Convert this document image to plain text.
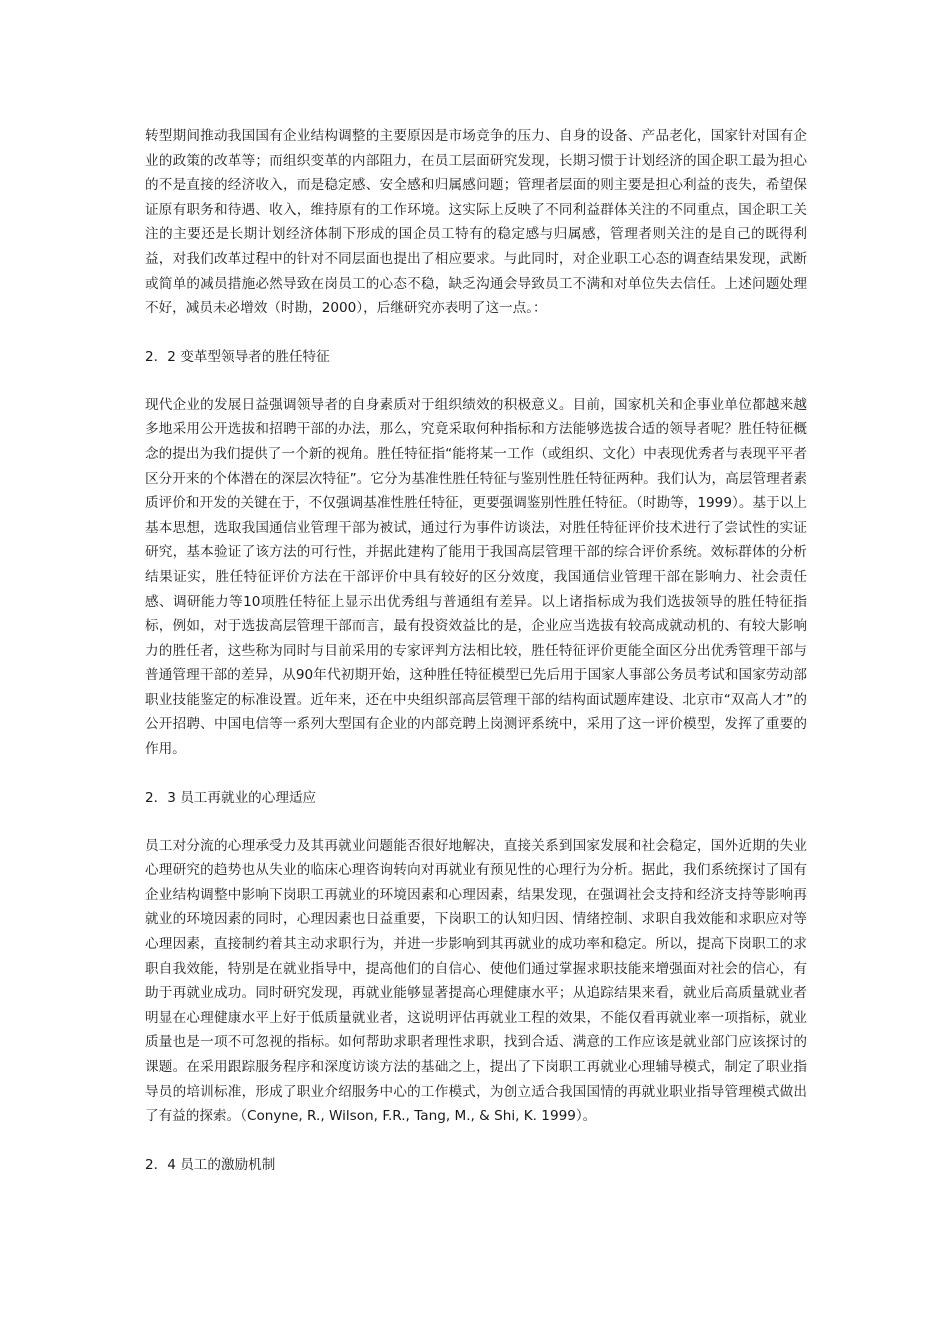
转型期间推动我国国有企业结构调整的主要原因是市场竞争的压力、自身的设备、产品老化，国家针对国有企业的政策的改革等；而组织变革的内部阻力，在员工层面研究发现，长期习惯于计划经济的国企职工最为担心的不是直接的经济收入，而是稳定感、安全感和归属感问题；管理者层面的则主要是担心利益的丧失，希望保证原有职务和待遇、收入，维持原有的工作环境。这实际上反映了不同利益群体关注的不同重点，国企职工关注的主要还是长期计划经济体制下形成的国企员工特有的稳定感与归属感，管理者则关注的是自己的既得利益，对我们改革过程中的针对不同层面也提出了相应要求。与此同时，对企业职工心态的调查结果发现，武断或简单的减员措施必然导致在岗员工的心态不稳，缺乏沟通会导致员工不满和对单位失去信任。上述问题处理不好，减员未必增效（时勘，2000），后继研究亦表明了这一点。：

2．2 变革型领导者的胜任特征

现代企业的发展日益强调领导者的自身素质对于组织绩效的积极意义。目前，国家机关和企事业单位都越来越多地采用公开选拔和招聘干部的办法，那么，究竟采取何种指标和方法能够选拔合适的领导者呢？胜任特征概念的提出为我们提供了一个新的视角。胜任特征指“能将某一工作（或组织、文化）中表现优秀者与表现平平者区分开来的个体潜在的深层次特征”。它分为基准性胜任特征与鉴别性胜任特征两种。我们认为，高层管理者素质评价和开发的关键在于，不仅强调基准性胜任特征，更要强调鉴别性胜任特征。（时勘等，1999）。基于以上基本思想，选取我国通信业管理干部为被试，通过行为事件访谈法，对胜任特征评价技术进行了尝试性的实证研究，基本验证了该方法的可行性，并据此建构了能用于我国高层管理干部的综合评价系统。效标群体的分析结果证实，胜任特征评价方法在干部评价中具有较好的区分效度，我国通信业管理干部在影响力、社会责任感、调研能力等10项胜任特征上显示出优秀组与普通组有差异。以上诸指标成为我们选拔领导的胜任特征指标，例如，对于选拔高层管理干部而言，最有投资效益比的是，企业应当选拔有较高成就动机的、有较大影响力的胜任者，这些称为同时与目前采用的专家评判方法相比较，胜任特征评价更能全面区分出优秀管理干部与普通管理干部的差异，从90年代初期开始，这种胜任特征模型已先后用于国家人事部公务员考试和国家劳动部职业技能鉴定的标准设置。近年来，还在中央组织部高层管理干部的结构面试题库建设、北京市“双高人才”的公开招聘、中国电信等一系列大型国有企业的内部竞聘上岗测评系统中，采用了这一评价模型，发挥了重要的作用。

2．3 员工再就业的心理适应

员工对分流的心理承受力及其再就业问题能否很好地解决，直接关系到国家发展和社会稳定，国外近期的失业心理研究的趋势也从失业的临床心理咨询转向对再就业有预见性的心理行为分析。据此，我们系统探讨了国有企业结构调整中影响下岗职工再就业的环境因素和心理因素，结果发现，在强调社会支持和经济支持等影响再就业的环境因素的同时，心理因素也日益重要，下岗职工的认知归因、情绪控制、求职自我效能和求职应对等心理因素，直接制约着其主动求职行为，并进一步影响到其再就业的成功率和稳定。所以，提高下岗职工的求职自我效能，特别是在就业指导中，提高他们的自信心、使他们通过掌握求职技能来增强面对社会的信心，有助于再就业成功。同时研究发现，再就业能够显著提高心理健康水平；从追踪结果来看，就业后高质量就业者明显在心理健康水平上好于低质量就业者，这说明评估再就业工程的效果，不能仅看再就业率一项指标，就业质量也是一项不可忽视的指标。如何帮助求职者理性求职，找到合适、满意的工作应该是就业部门应该探讨的课题。在采用跟踪服务程序和深度访谈方法的基础之上，提出了下岗职工再就业心理辅导模式，制定了职业指导员的培训标准，形成了职业介绍服务中心的工作模式，为创立适合我国国情的再就业职业指导管理模式做出了有益的探索。（Conyne, R., Wilson, F.R., Tang, M., & Shi, K. 1999）。

2．4 员工的激励机制
